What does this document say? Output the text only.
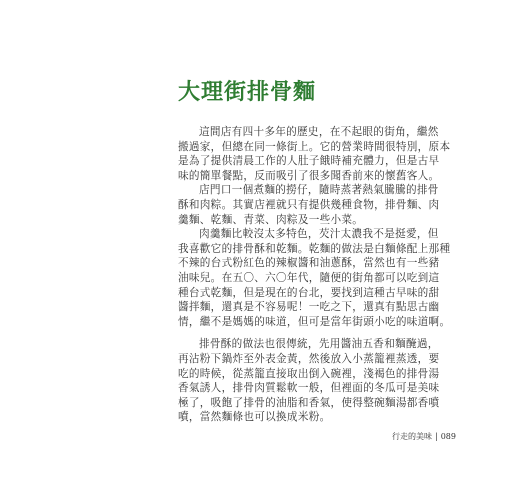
大理街排骨麵

這間店有四十多年的歷史，在不起眼的街角，繼然
搬過家，但總在同一條街上。它的營業時間很特別，原本
是為了提供清晨工作的人肚子餓時補充體力，但是古早
味的簡單餐點，反而吸引了很多聞香前來的懷舊客人。

店門口一個煮麵的撈仔，隨時蒸著熱氣騰騰的排骨
酥和肉粽。其實店裡就只有提供幾種食物，排骨麵、肉
羹麵、乾麵、青菜、肉粽及一些小菜。

肉羹麵比較沒太多特色，芡汁太濃我不是挺愛，但
我喜歡它的排骨酥和乾麵。乾麵的做法是白麵條配上那種
不辣的台式粉紅色的辣椒醬和油蔥酥，當然也有一些豬
油味兒。在五〇、六〇年代，隨便的街角都可以吃到這
種台式乾麵，但是現在的台北，要找到這種古早味的甜
醬拌麵，還真是不容易呢！一吃之下，還真有點思古幽
情，繼不是媽媽的味道，但可是當年街頭小吃的味道啊。

排骨酥的做法也很傳統，先用醬油五香和麵醃過，
再沾粉下鍋炸至外表金黃，然後放入小蒸籠裡蒸透，要
吃的時候，從蒸籠直接取出倒入碗裡，淺褐色的排骨湯
香氣誘人，排骨肉質鬆軟一般，但裡面的冬瓜可是美味
極了，吸飽了排骨的油脂和香氣，使得整碗麵湯都香噴
噴，當然麵條也可以換成米粉。

行走的美味 | 089
